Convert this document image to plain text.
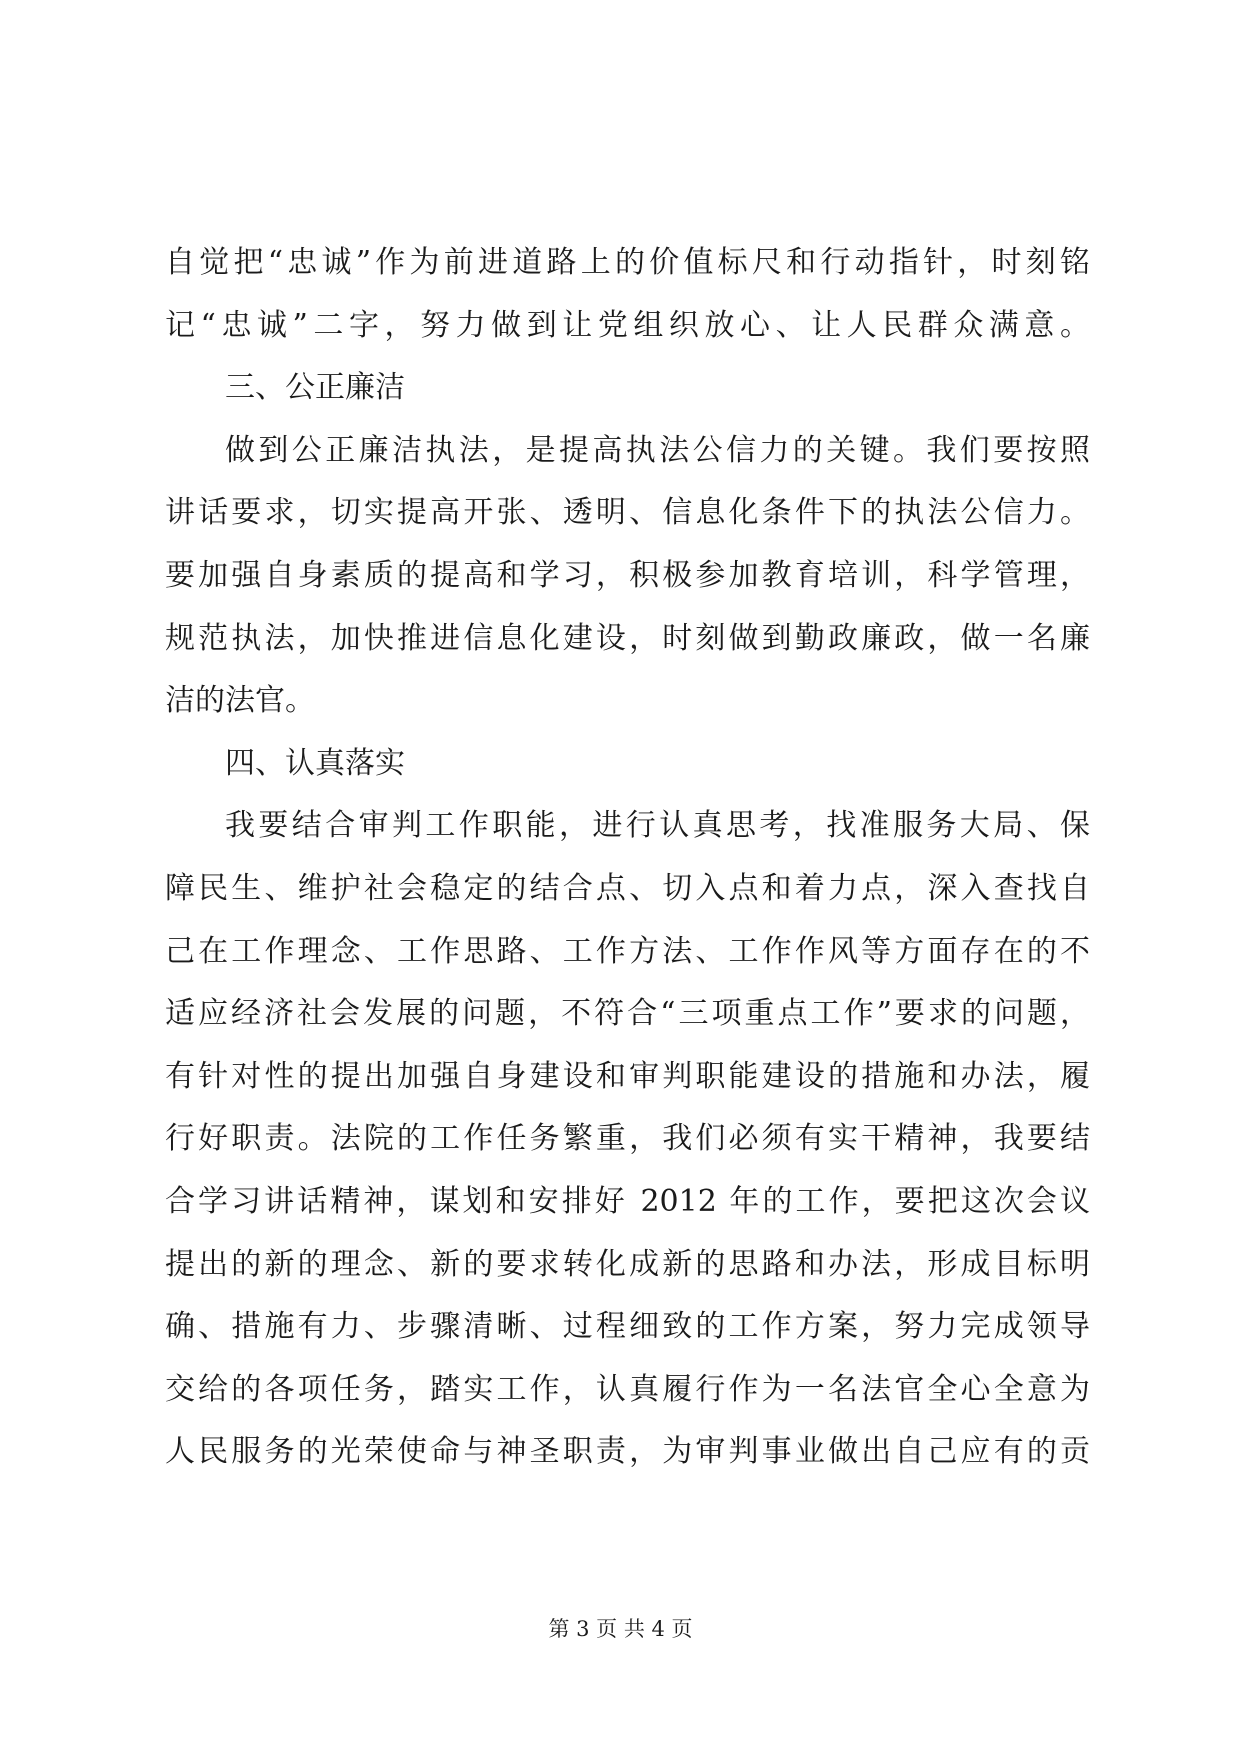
自觉把“忠诚”作为前进道路上的价值标尺和行动指针，时刻铭
记“忠诚”二字，努力做到让党组织放心、让人民群众满意。
三、公正廉洁
做到公正廉洁执法，是提高执法公信力的关键。我们要按照
讲话要求，切实提高开张、透明、信息化条件下的执法公信力。
要加强自身素质的提高和学习，积极参加教育培训，科学管理，
规范执法，加快推进信息化建设，时刻做到勤政廉政，做一名廉
洁的法官。
四、认真落实
我要结合审判工作职能，进行认真思考，找准服务大局、保
障民生、维护社会稳定的结合点、切入点和着力点，深入查找自
己在工作理念、工作思路、工作方法、工作作风等方面存在的不
适应经济社会发展的问题，不符合“三项重点工作”要求的问题，
有针对性的提出加强自身建设和审判职能建设的措施和办法，履
行好职责。法院的工作任务繁重，我们必须有实干精神，我要结
合学习讲话精神，谋划和安排好 2012 年的工作，要把这次会议
提出的新的理念、新的要求转化成新的思路和办法，形成目标明
确、措施有力、步骤清晰、过程细致的工作方案，努力完成领导
交给的各项任务，踏实工作，认真履行作为一名法官全心全意为
人民服务的光荣使命与神圣职责，为审判事业做出自己应有的贡
第 3 页 共 4 页
